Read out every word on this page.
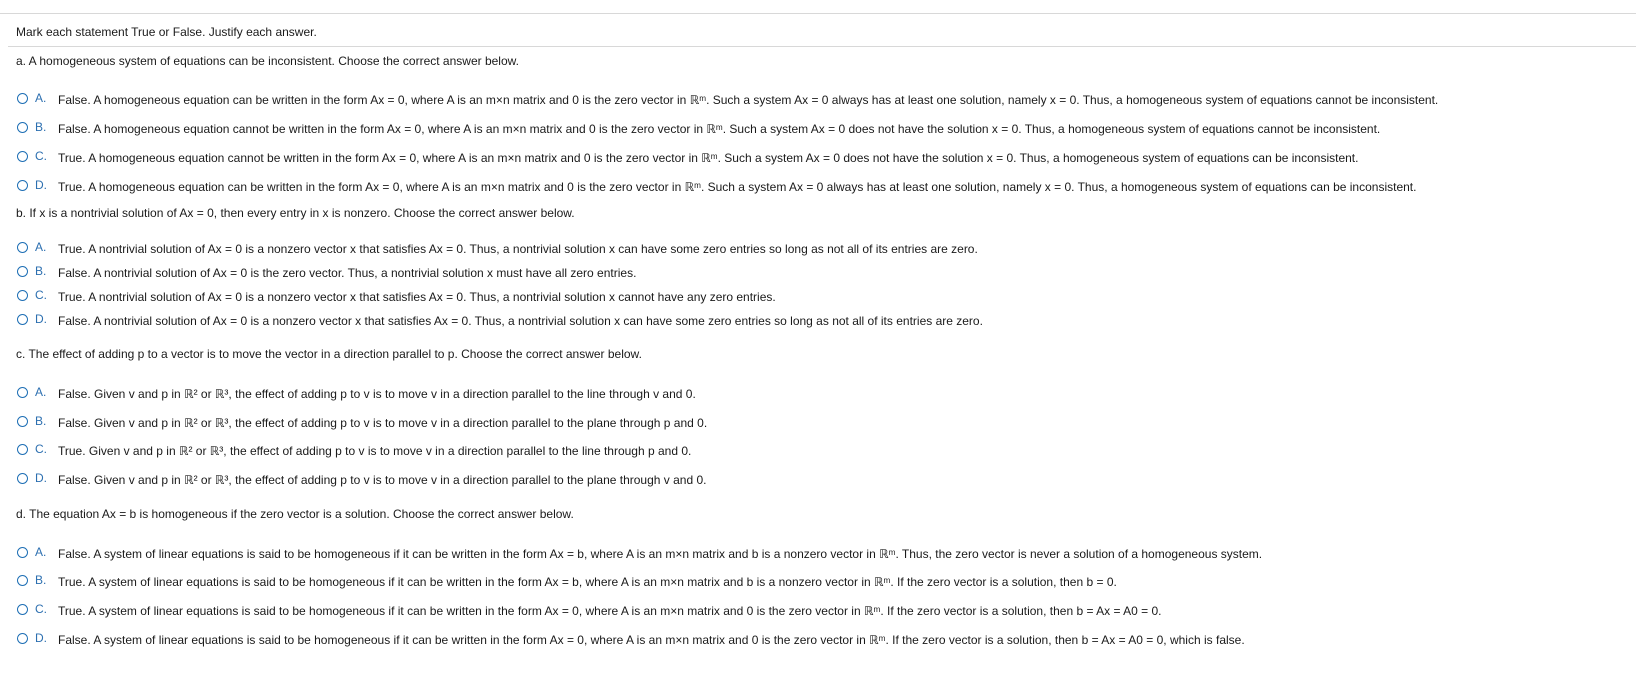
Mark each statement True or False. Justify each answer.
a. A homogeneous system of equations can be inconsistent. Choose the correct answer below.
A. False. A homogeneous equation can be written in the form Ax = 0, where A is an m×n matrix and 0 is the zero vector in ℝᵐ. Such a system Ax = 0 always has at least one solution, namely x = 0. Thus, a homogeneous system of equations cannot be inconsistent.
B. False. A homogeneous equation cannot be written in the form Ax = 0, where A is an m×n matrix and 0 is the zero vector in ℝᵐ. Such a system Ax = 0 does not have the solution x = 0. Thus, a homogeneous system of equations cannot be inconsistent.
C. True. A homogeneous equation cannot be written in the form Ax = 0, where A is an m×n matrix and 0 is the zero vector in ℝᵐ. Such a system Ax = 0 does not have the solution x = 0. Thus, a homogeneous system of equations can be inconsistent.
D. True. A homogeneous equation can be written in the form Ax = 0, where A is an m×n matrix and 0 is the zero vector in ℝᵐ. Such a system Ax = 0 always has at least one solution, namely x = 0. Thus, a homogeneous system of equations can be inconsistent.
b. If x is a nontrivial solution of Ax = 0, then every entry in x is nonzero. Choose the correct answer below.
A. True. A nontrivial solution of Ax = 0 is a nonzero vector x that satisfies Ax = 0. Thus, a nontrivial solution x can have some zero entries so long as not all of its entries are zero.
B. False. A nontrivial solution of Ax = 0 is the zero vector. Thus, a nontrivial solution x must have all zero entries.
C. True. A nontrivial solution of Ax = 0 is a nonzero vector x that satisfies Ax = 0. Thus, a nontrivial solution x cannot have any zero entries.
D. False. A nontrivial solution of Ax = 0 is a nonzero vector x that satisfies Ax = 0. Thus, a nontrivial solution x can have some zero entries so long as not all of its entries are zero.
c. The effect of adding p to a vector is to move the vector in a direction parallel to p. Choose the correct answer below.
A. False. Given v and p in ℝ² or ℝ³, the effect of adding p to v is to move v in a direction parallel to the line through v and 0.
B. False. Given v and p in ℝ² or ℝ³, the effect of adding p to v is to move v in a direction parallel to the plane through p and 0.
C. True. Given v and p in ℝ² or ℝ³, the effect of adding p to v is to move v in a direction parallel to the line through p and 0.
D. False. Given v and p in ℝ² or ℝ³, the effect of adding p to v is to move v in a direction parallel to the plane through v and 0.
d. The equation Ax = b is homogeneous if the zero vector is a solution. Choose the correct answer below.
A. False. A system of linear equations is said to be homogeneous if it can be written in the form Ax = b, where A is an m×n matrix and b is a nonzero vector in ℝᵐ. Thus, the zero vector is never a solution of a homogeneous system.
B. True. A system of linear equations is said to be homogeneous if it can be written in the form Ax = b, where A is an m×n matrix and b is a nonzero vector in ℝᵐ. If the zero vector is a solution, then b = 0.
C. True. A system of linear equations is said to be homogeneous if it can be written in the form Ax = 0, where A is an m×n matrix and 0 is the zero vector in ℝᵐ. If the zero vector is a solution, then b = Ax = A0 = 0.
D. False. A system of linear equations is said to be homogeneous if it can be written in the form Ax = 0, where A is an m×n matrix and 0 is the zero vector in ℝᵐ. If the zero vector is a solution, then b = Ax = A0 = 0, which is false.
